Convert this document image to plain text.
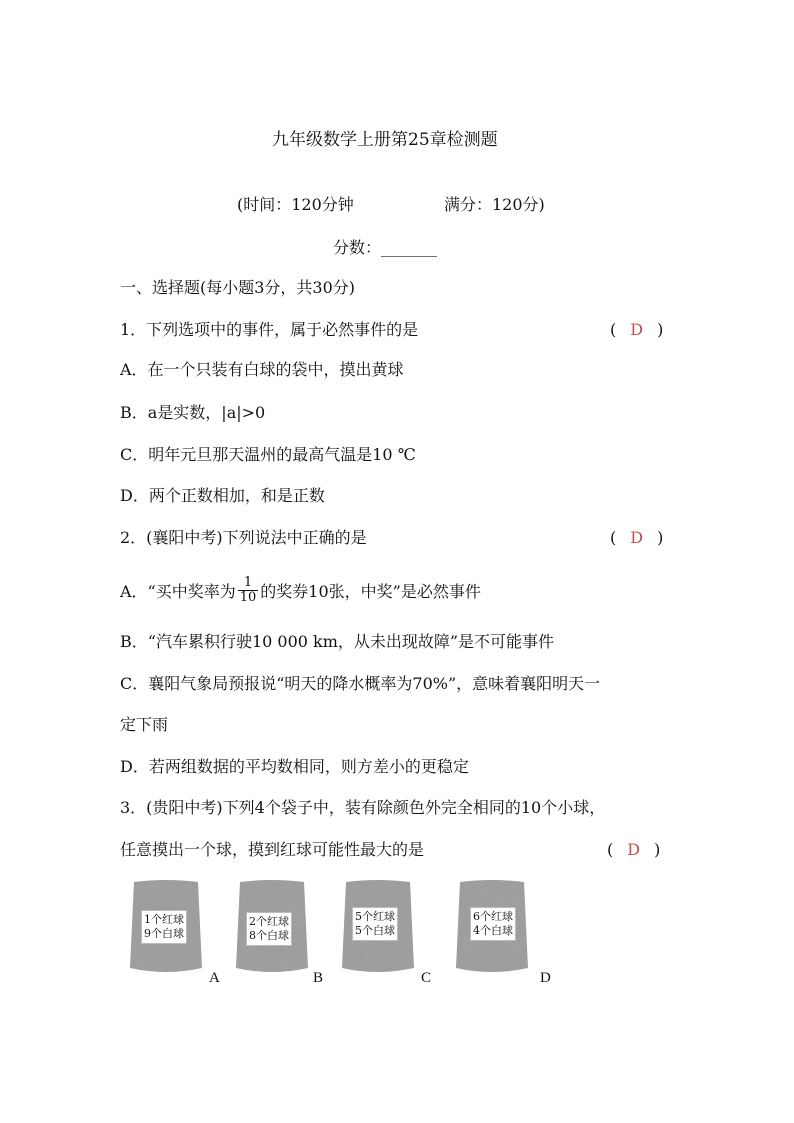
九年级数学上册第25章检测题
(时间：120分钟	满分：120分)
分数：_______
一、选择题(每小题3分，共30分)
1．下列选项中的事件，属于必然事件的是	( D )
A．在一个只装有白球的袋中，摸出黄球
B．a是实数，|a|>0
C．明年元旦那天温州的最高气温是10 ℃
D．两个正数相加，和是正数
2．(襄阳中考)下列说法中正确的是	( D )
A．“买中奖率为 $\frac{1}{10}$ 的奖券10张，中奖”是必然事件
B．“汽车累积行驶10 000 km，从未出现故障”是不可能事件
C．襄阳气象局预报说“明天的降水概率为70%”，意味着襄阳明天一
定下雨
D．若两组数据的平均数相同，则方差小的更稳定
3．(贵阳中考)下列4个袋子中，装有除颜色外完全相同的10个小球，
任意摸出一个球，摸到红球可能性最大的是	( D )
1个红球
9个白球
A
2个红球
8个白球
B
5个红球
5个白球
C
6个红球
4个白球
D
